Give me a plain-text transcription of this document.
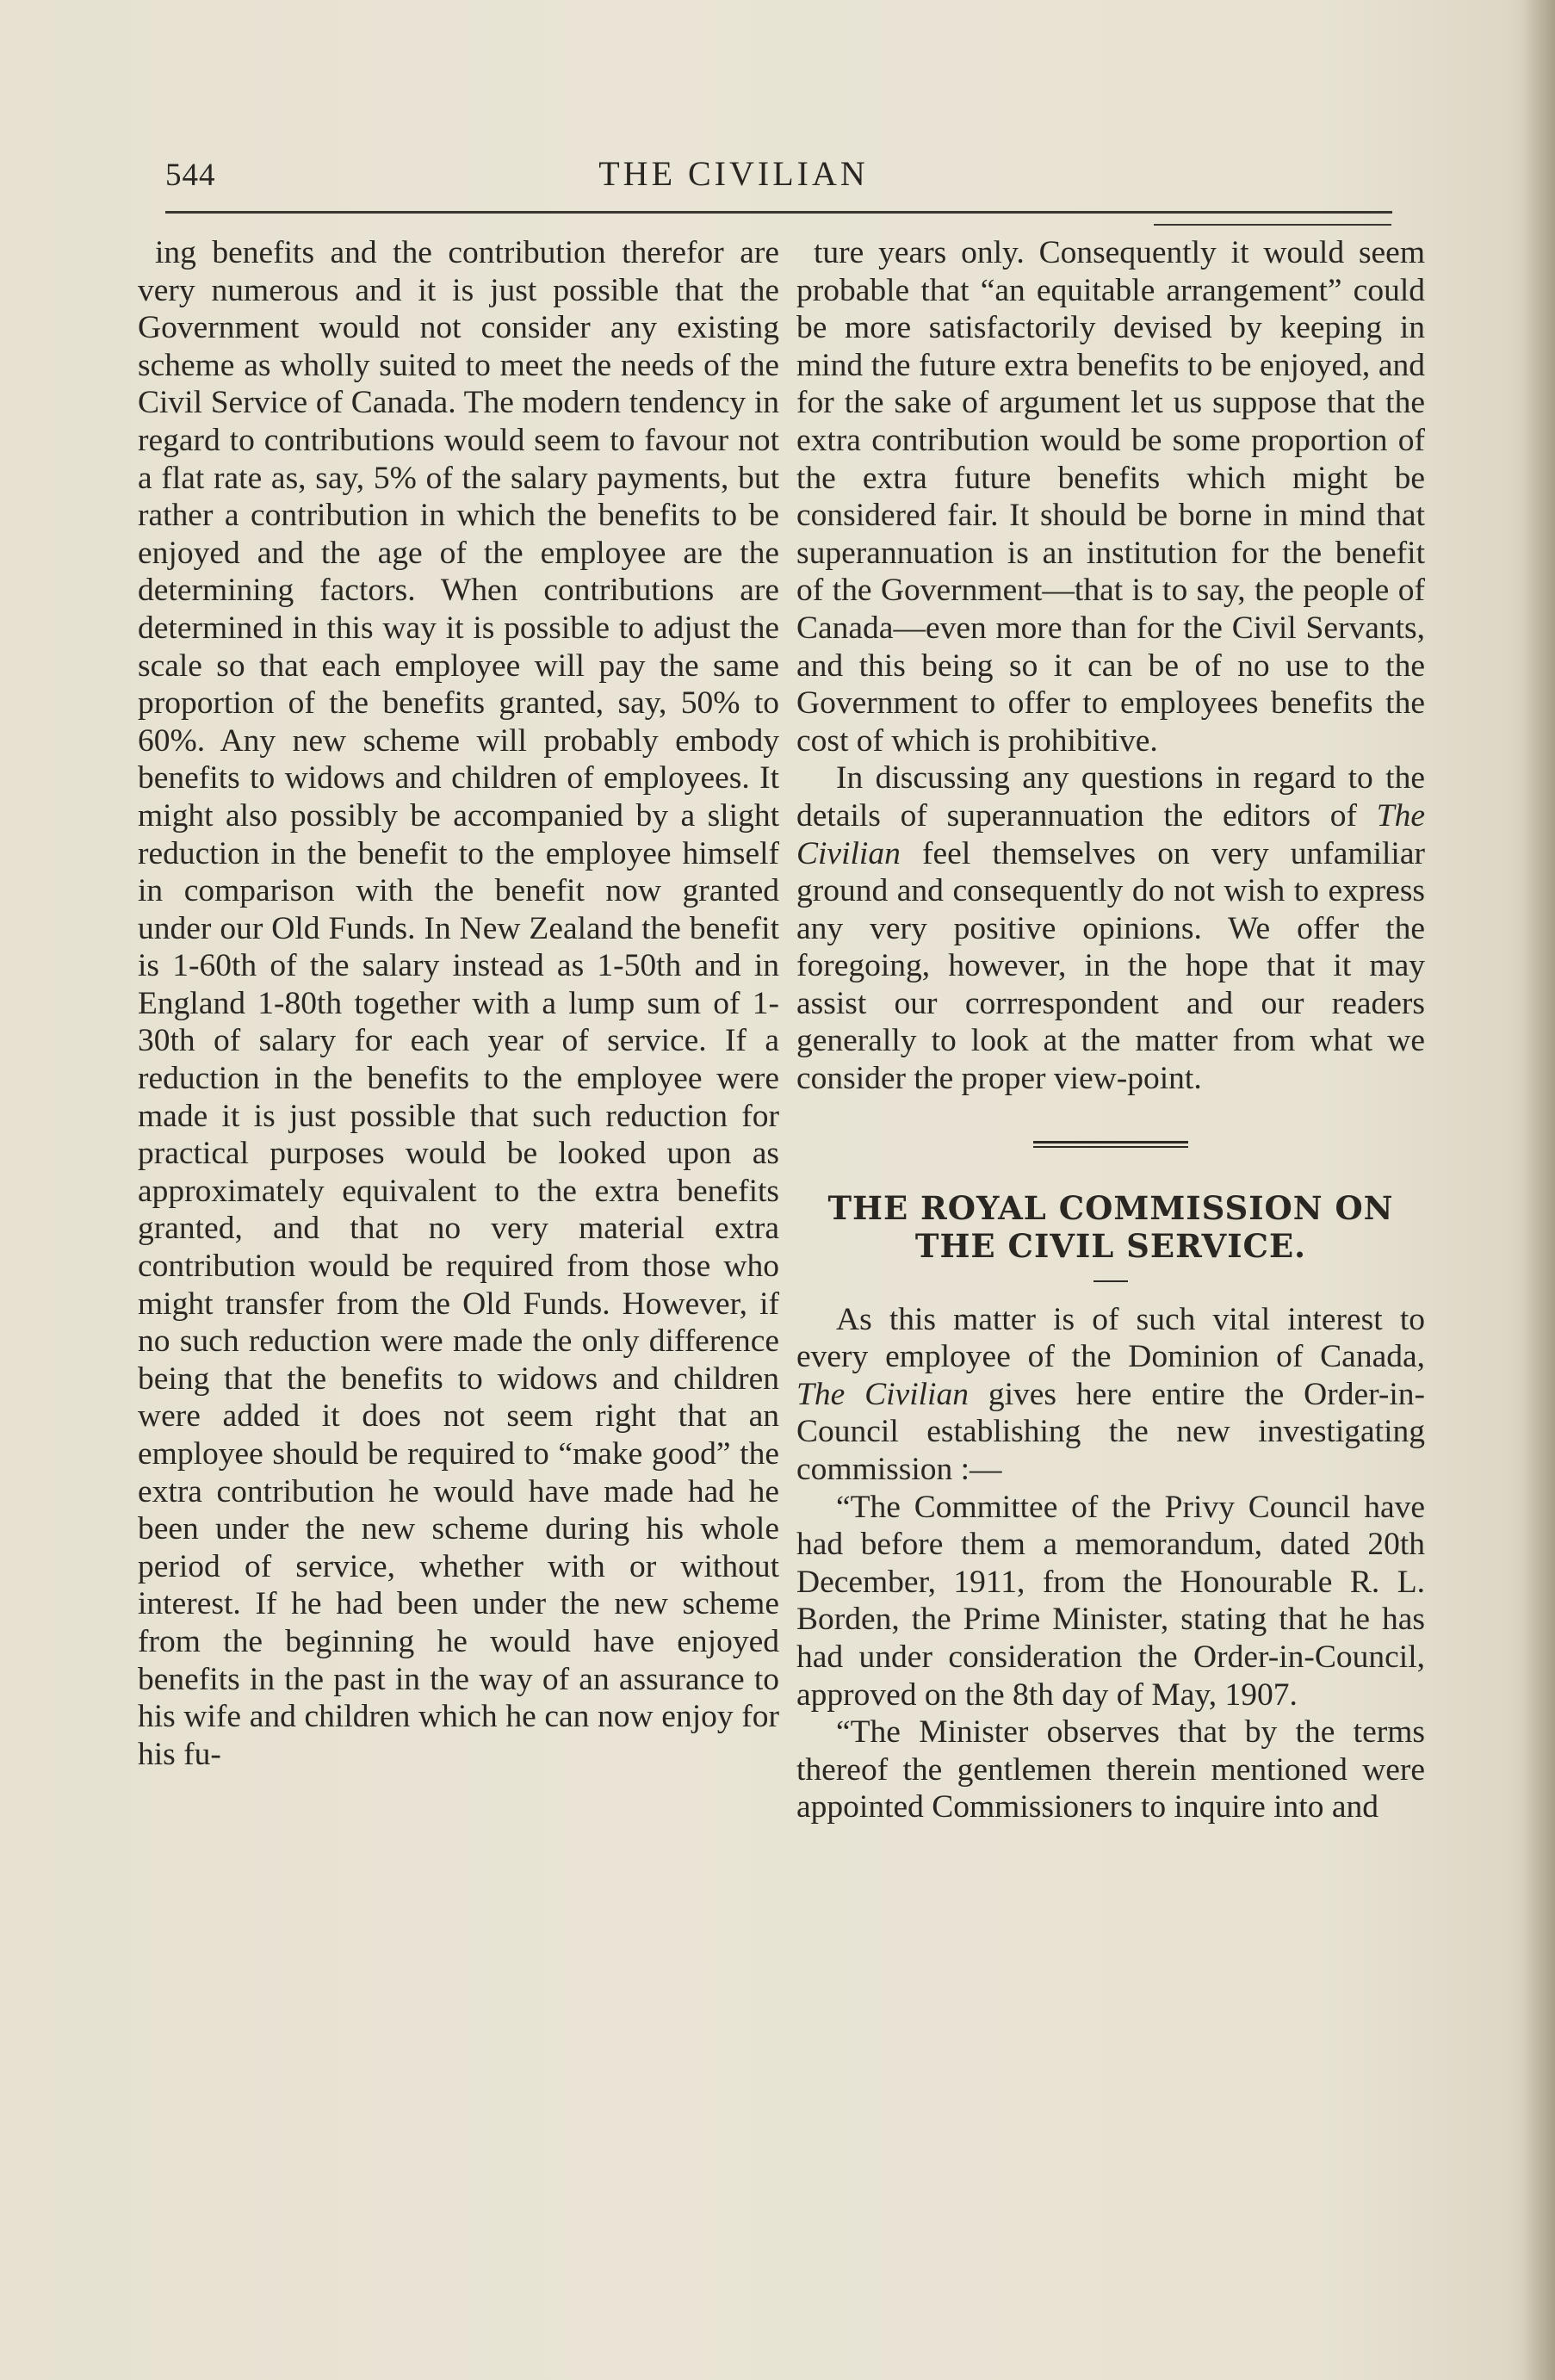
544	THE CIVILIAN

ing benefits and the contribution therefor are very numerous and it is just possible that the Government would not consider any existing scheme as wholly suited to meet the needs of the Civil Service of Canada. The modern tendency in regard to contributions would seem to favour not a flat rate as, say, 5% of the salary payments, but rather a contribution in which the benefits to be enjoyed and the age of the employee are the determining factors. When contributions are determined in this way it is possible to adjust the scale so that each employee will pay the same proportion of the benefits granted, say, 50% to 60%. Any new scheme will probably embody benefits to widows and children of employees. It might also possibly be accompanied by a slight reduction in the benefit to the employee himself in comparison with the benefit now granted under our Old Funds. In New Zealand the benefit is 1-60th of the salary instead as 1-50th and in England 1-80th together with a lump sum of 1-30th of salary for each year of service. If a reduction in the benefits to the employee were made it is just possible that such reduction for practical purposes would be looked upon as approximately equivalent to the extra benefits granted, and that no very material extra contribution would be required from those who might transfer from the Old Funds. However, if no such reduction were made the only difference being that the benefits to widows and children were added it does not seem right that an employee should be required to “make good” the extra contribution he would have made had he been under the new scheme during his whole period of service, whether with or without interest. If he had been under the new scheme from the beginning he would have enjoyed benefits in the past in the way of an assurance to his wife and children which he can now enjoy for his fu-

ture years only. Consequently it would seem probable that “an equitable arrangement” could be more satisfactorily devised by keeping in mind the future extra benefits to be enjoyed, and for the sake of argument let us suppose that the extra contribution would be some proportion of the extra future benefits which might be considered fair. It should be borne in mind that superannuation is an institution for the benefit of the Government—that is to say, the people of Canada—even more than for the Civil Servants, and this being so it can be of no use to the Government to offer to employees benefits the cost of which is prohibitive.

In discussing any questions in regard to the details of superannuation the editors of The Civilian feel themselves on very unfamiliar ground and consequently do not wish to express any very positive opinions. We offer the foregoing, however, in the hope that it may assist our corrrespondent and our readers generally to look at the matter from what we consider the proper view-point.

THE ROYAL COMMISSION ON
THE CIVIL SERVICE.

As this matter is of such vital interest to every employee of the Dominion of Canada, The Civilian gives here entire the Order-in-Council establishing the new investigating commission :—

“The Committee of the Privy Council have had before them a memorandum, dated 20th December, 1911, from the Honourable R. L. Borden, the Prime Minister, stating that he has had under consideration the Order-in-Council, approved on the 8th day of May, 1907.

“The Minister observes that by the terms thereof the gentlemen therein mentioned were appointed Commissioners to inquire into and
